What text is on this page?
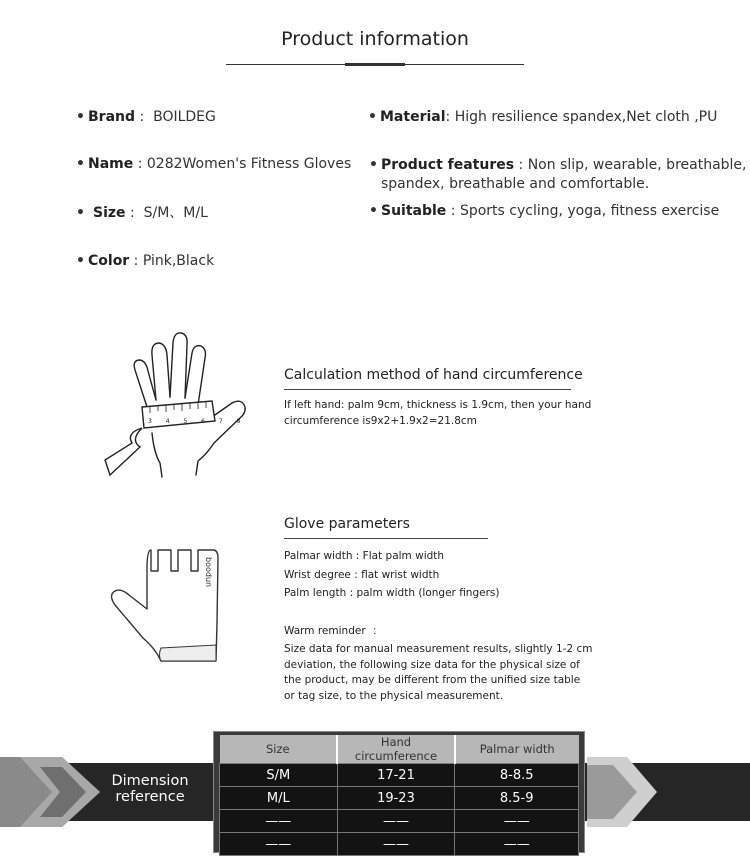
Product information
• Brand :  BOILDEG
• Name : 0282Women's Fitness Gloves
• Size :  S/M、M/L
• Color : Pink,Black
• Material: High resilience spandex,Net cloth ,PU
• Product features : Non slip, wearable, breathable,
spandex, breathable and comfortable.
• Suitable : Sports cycling, yoga, fitness exercise
3 4 5 6 7 8
Calculation method of hand circumference
If left hand: palm 9cm, thickness is 1.9cm, then your hand
circumference is9x2+1.9x2=21.8cm
boodun
Glove parameters
Palmar width : Flat palm width
Wrist degree : flat wrist width
Palm length : palm width (longer fingers)
Warm reminder  ：
Size data for manual measurement results, slightly 1-2 cm
deviation, the following size data for the physical size of
the product, may be different from the unified size table
or tag size, to the physical measurement.
Dimension
reference
Size	Hand circumference	Palmar width
S/M	17-21	8-8.5
M/L	19-23	8.5-9
——	——	——
——	——	——
